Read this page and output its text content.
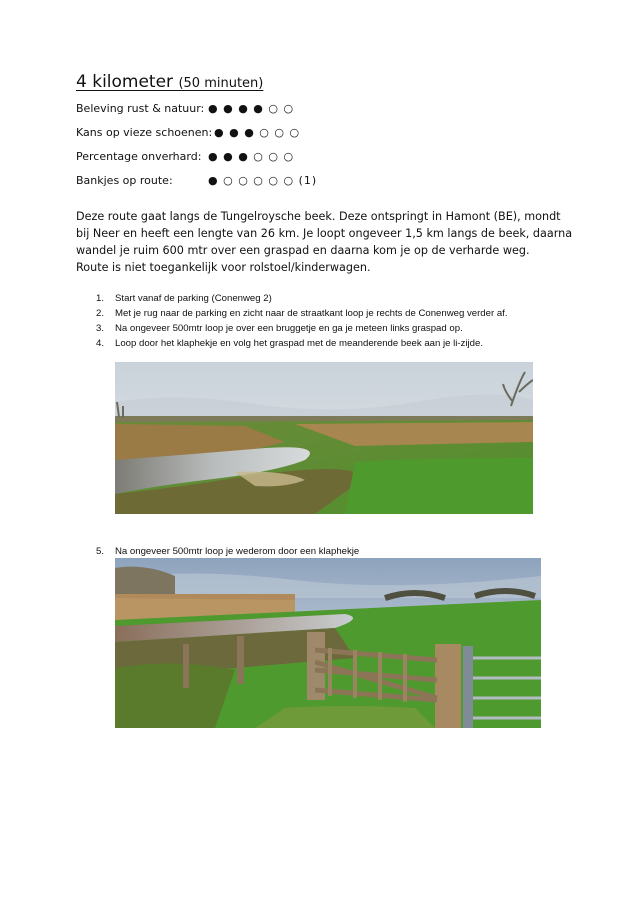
4 kilometer (50 minuten)
Beleving rust & natuur: ● ● ● ● ○ ○
Kans op vieze schoenen: ● ● ● ○ ○ ○
Percentage onverhard: ● ● ● ○ ○ ○
Bankjes op route:	● ○ ○ ○ ○ ○ (1)

Deze route gaat langs de Tungelroysche beek. Deze ontspringt in Hamont (BE), mondt

bij Neer en heeft een lengte van 26 km. Je loopt ongeveer 1,5 km langs de beek, daarna

wandel je ruim 600 mtr over een graspad en daarna kom je op de verharde weg.

Route is niet toegankelijk voor rolstoel/kinderwagen.

1. Start vanaf de parking (Conenweg 2)
2. Met je rug naar de parking en zicht naar de straatkant loop je rechts de Conenweg verder af.
3. Na ongeveer 500mtr loop je over een bruggetje en ga je meteen links graspad op.
4. Loop door het klaphekje en volg het graspad met de meanderende beek aan je li-zijde.
5. Na ongeveer 500mtr loop je wederom door een klaphekje
